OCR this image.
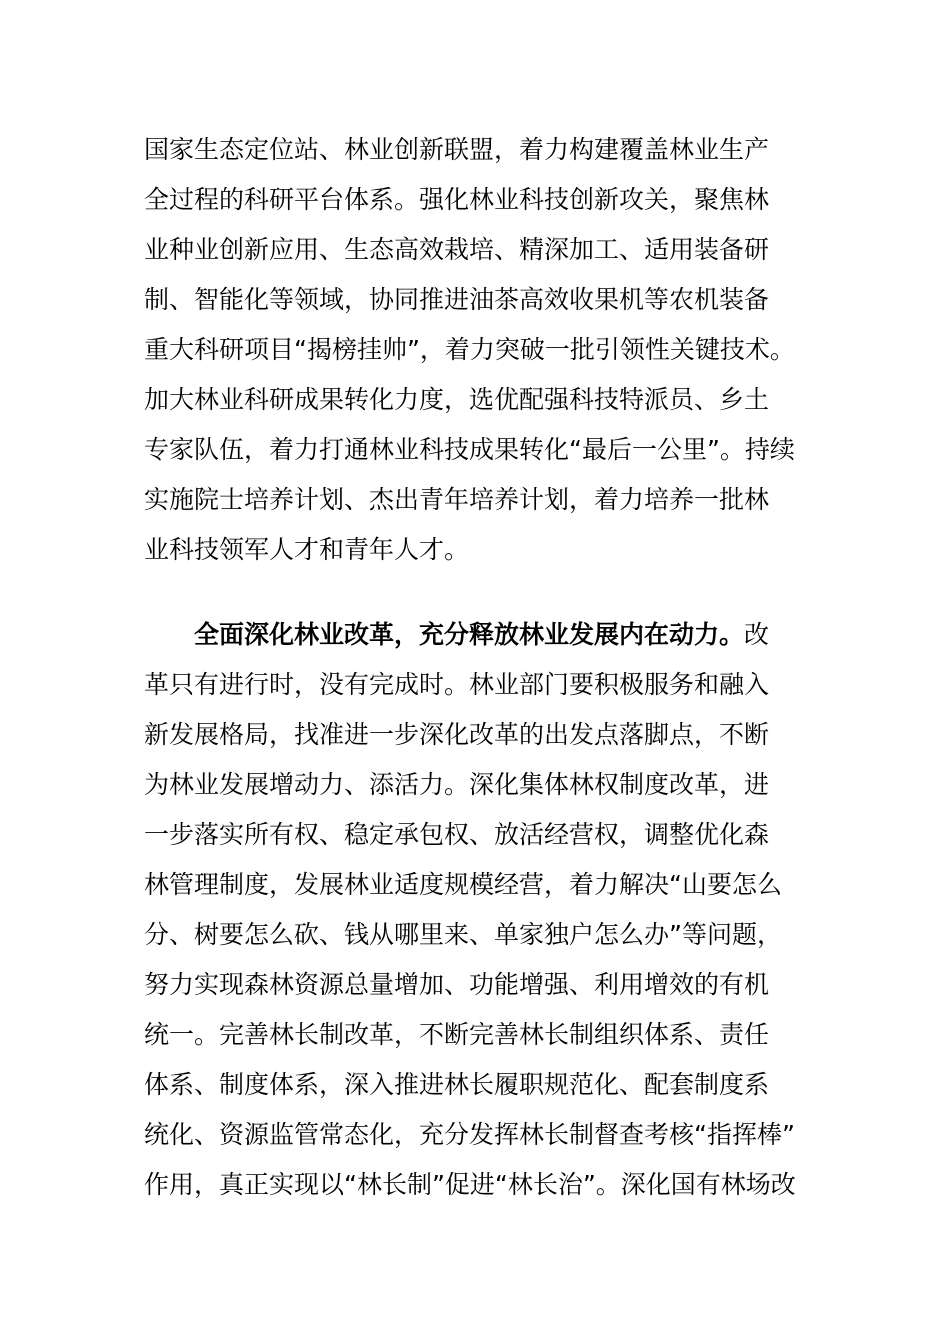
国家生态定位站、林业创新联盟，着力构建覆盖林业生产
全过程的科研平台体系。强化林业科技创新攻关，聚焦林
业种业创新应用、生态高效栽培、精深加工、适用装备研
制、智能化等领域，协同推进油茶高效收果机等农机装备
重大科研项目“揭榜挂帅”，着力突破一批引领性关键技术。
加大林业科研成果转化力度，选优配强科技特派员、乡土
专家队伍，着力打通林业科技成果转化“最后一公里”。持续
实施院士培养计划、杰出青年培养计划，着力培养一批林
业科技领军人才和青年人才。
全面深化林业改革，充分释放林业发展内在动力。改
革只有进行时，没有完成时。林业部门要积极服务和融入
新发展格局，找准进一步深化改革的出发点落脚点，不断
为林业发展增动力、添活力。深化集体林权制度改革，进
一步落实所有权、稳定承包权、放活经营权，调整优化森
林管理制度，发展林业适度规模经营，着力解决“山要怎么
分、树要怎么砍、钱从哪里来、单家独户怎么办”等问题，
努力实现森林资源总量增加、功能增强、利用增效的有机
统一。完善林长制改革，不断完善林长制组织体系、责任
体系、制度体系，深入推进林长履职规范化、配套制度系
统化、资源监管常态化，充分发挥林长制督查考核“指挥棒”
作用，真正实现以“林长制”促进“林长治”。深化国有林场改
